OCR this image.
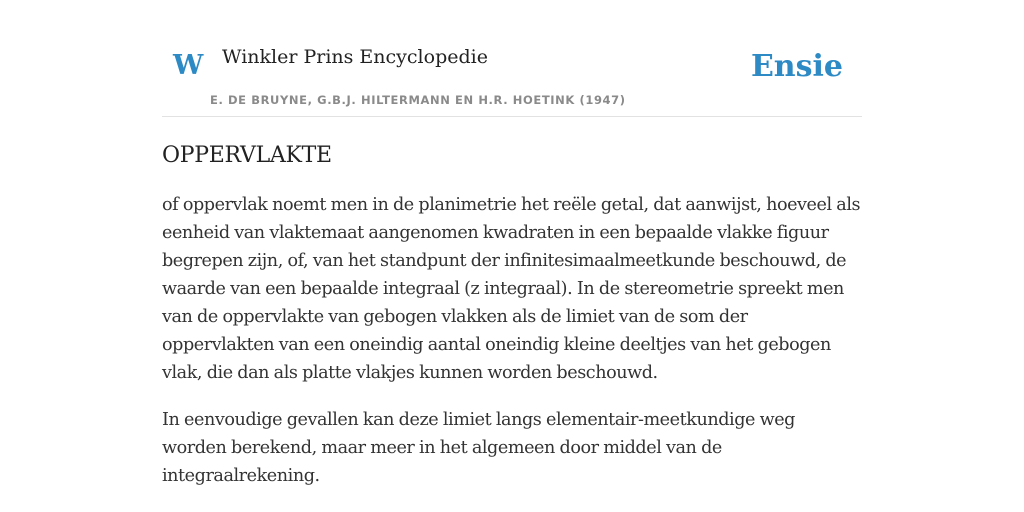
W Winkler Prins Encyclopedie
E. DE BRUYNE, G.B.J. HILTERMANN EN H.R. HOETINK (1947)
Ensie
OPPERVLAKTE

of oppervlak noemt men in de planimetrie het reële getal, dat aanwijst, hoeveel als eenheid van vlaktemaat aangenomen kwadraten in een bepaalde vlakke figuur begrepen zijn, of, van het standpunt der infinitesimaalmeetkunde beschouwd, de waarde van een bepaalde integraal (z integraal). In de stereometrie spreekt men van de oppervlakte van gebogen vlakken als de limiet van de som der oppervlakten van een oneindig aantal oneindig kleine deeltjes van het gebogen vlak, die dan als platte vlakjes kunnen worden beschouwd.

In eenvoudige gevallen kan deze limiet langs elementair-meetkundige weg worden berekend, maar meer in het algemeen door middel van de integraalrekening.
